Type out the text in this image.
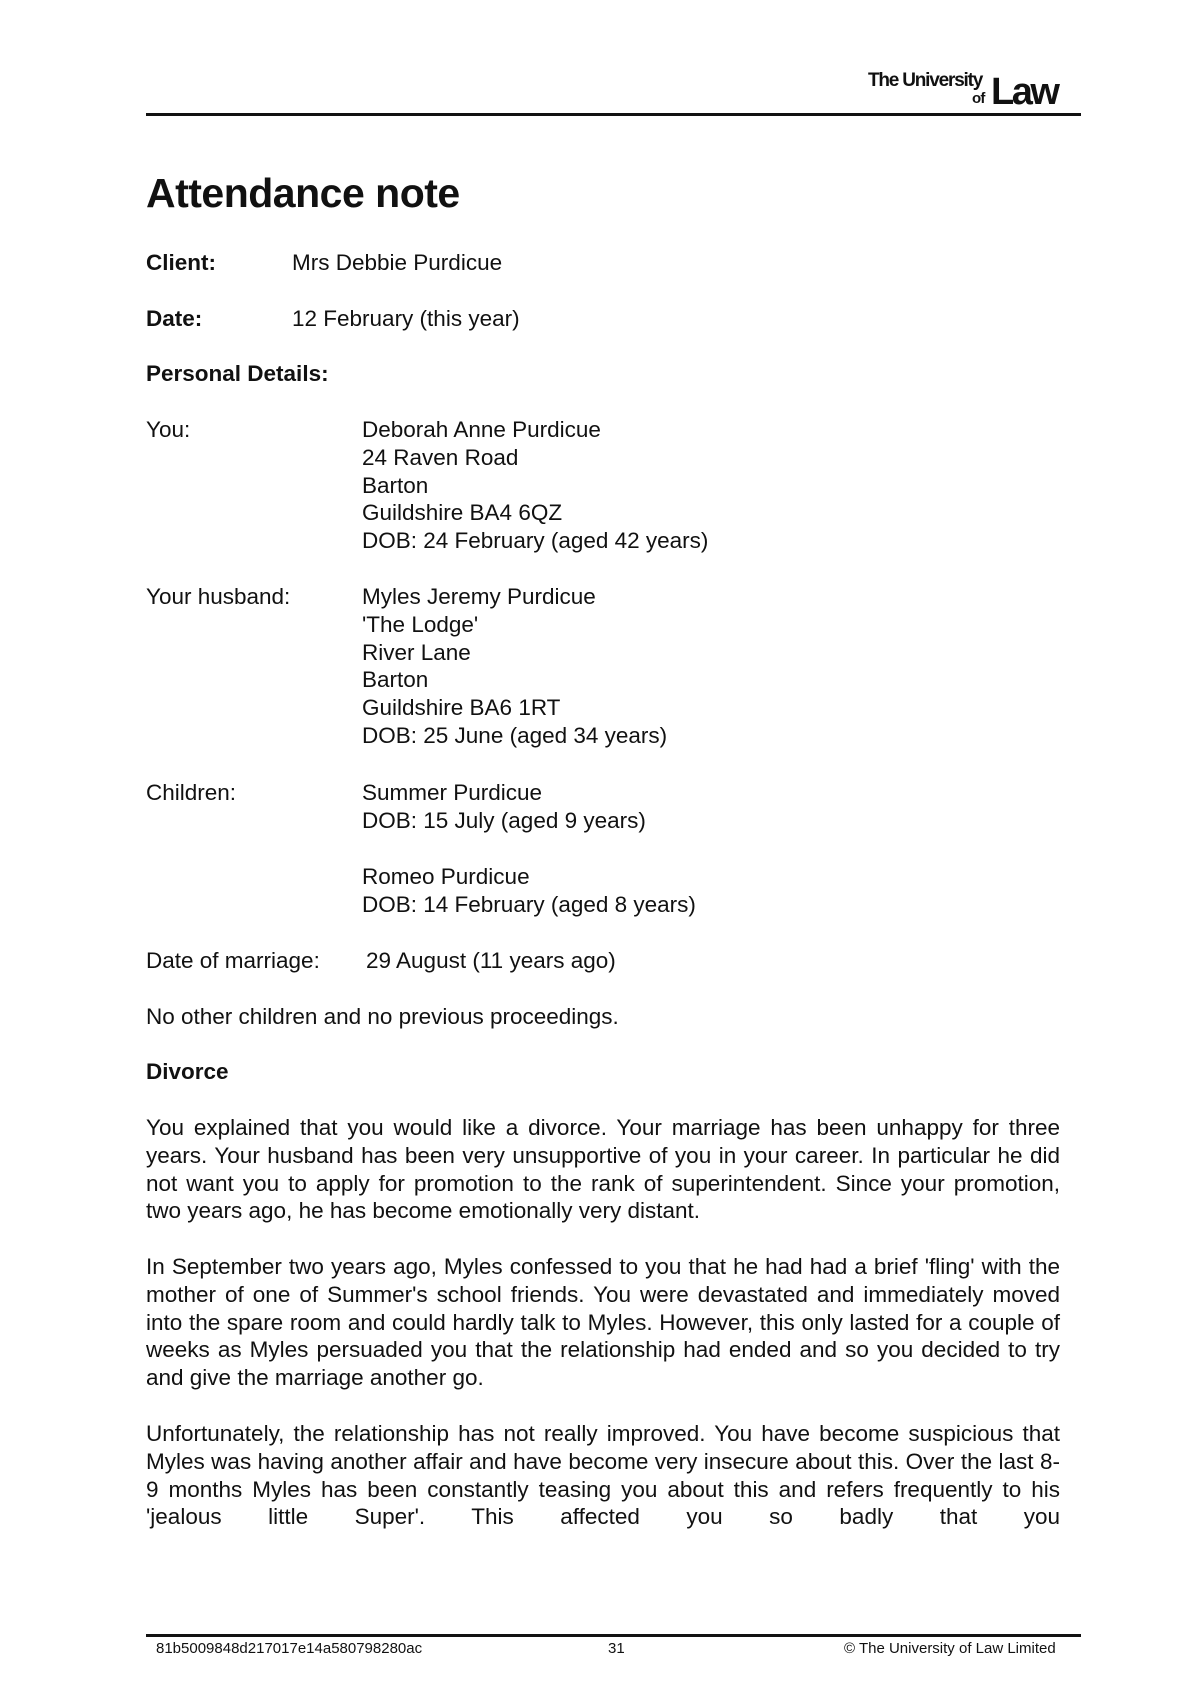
The University
of Law
Attendance note
Client:	Mrs Debbie Purdicue
Date:	12 February (this year)
Personal Details:
You:	Deborah Anne Purdicue
24 Raven Road
Barton
Guildshire BA4 6QZ
DOB: 24 February (aged 42 years)
Your husband:	Myles Jeremy Purdicue
'The Lodge'
River Lane
Barton
Guildshire BA6 1RT
DOB: 25 June (aged 34 years)
Children:	Summer Purdicue
DOB: 15 July (aged 9 years)
Romeo Purdicue
DOB: 14 February (aged 8 years)
Date of marriage: 29 August (11 years ago)
No other children and no previous proceedings.
Divorce
You explained that you would like a divorce. Your marriage has been unhappy for three years. Your husband has been very unsupportive of you in your career. In particular he did not want you to apply for promotion to the rank of superintendent. Since your promotion, two years ago, he has become emotionally very distant.
In September two years ago, Myles confessed to you that he had had a brief 'fling' with the mother of one of Summer's school friends. You were devastated and immediately moved into the spare room and could hardly talk to Myles. However, this only lasted for a couple of weeks as Myles persuaded you that the relationship had ended and so you decided to try and give the marriage another go.
Unfortunately, the relationship has not really improved. You have become suspicious that Myles was having another affair and have become very insecure about this. Over the last 8-9 months Myles has been constantly teasing you about this and refers frequently to his 'jealous little Super'. This affected you so badly that you
81b5009848d217017e14a580798280ac	31	© The University of Law Limited
